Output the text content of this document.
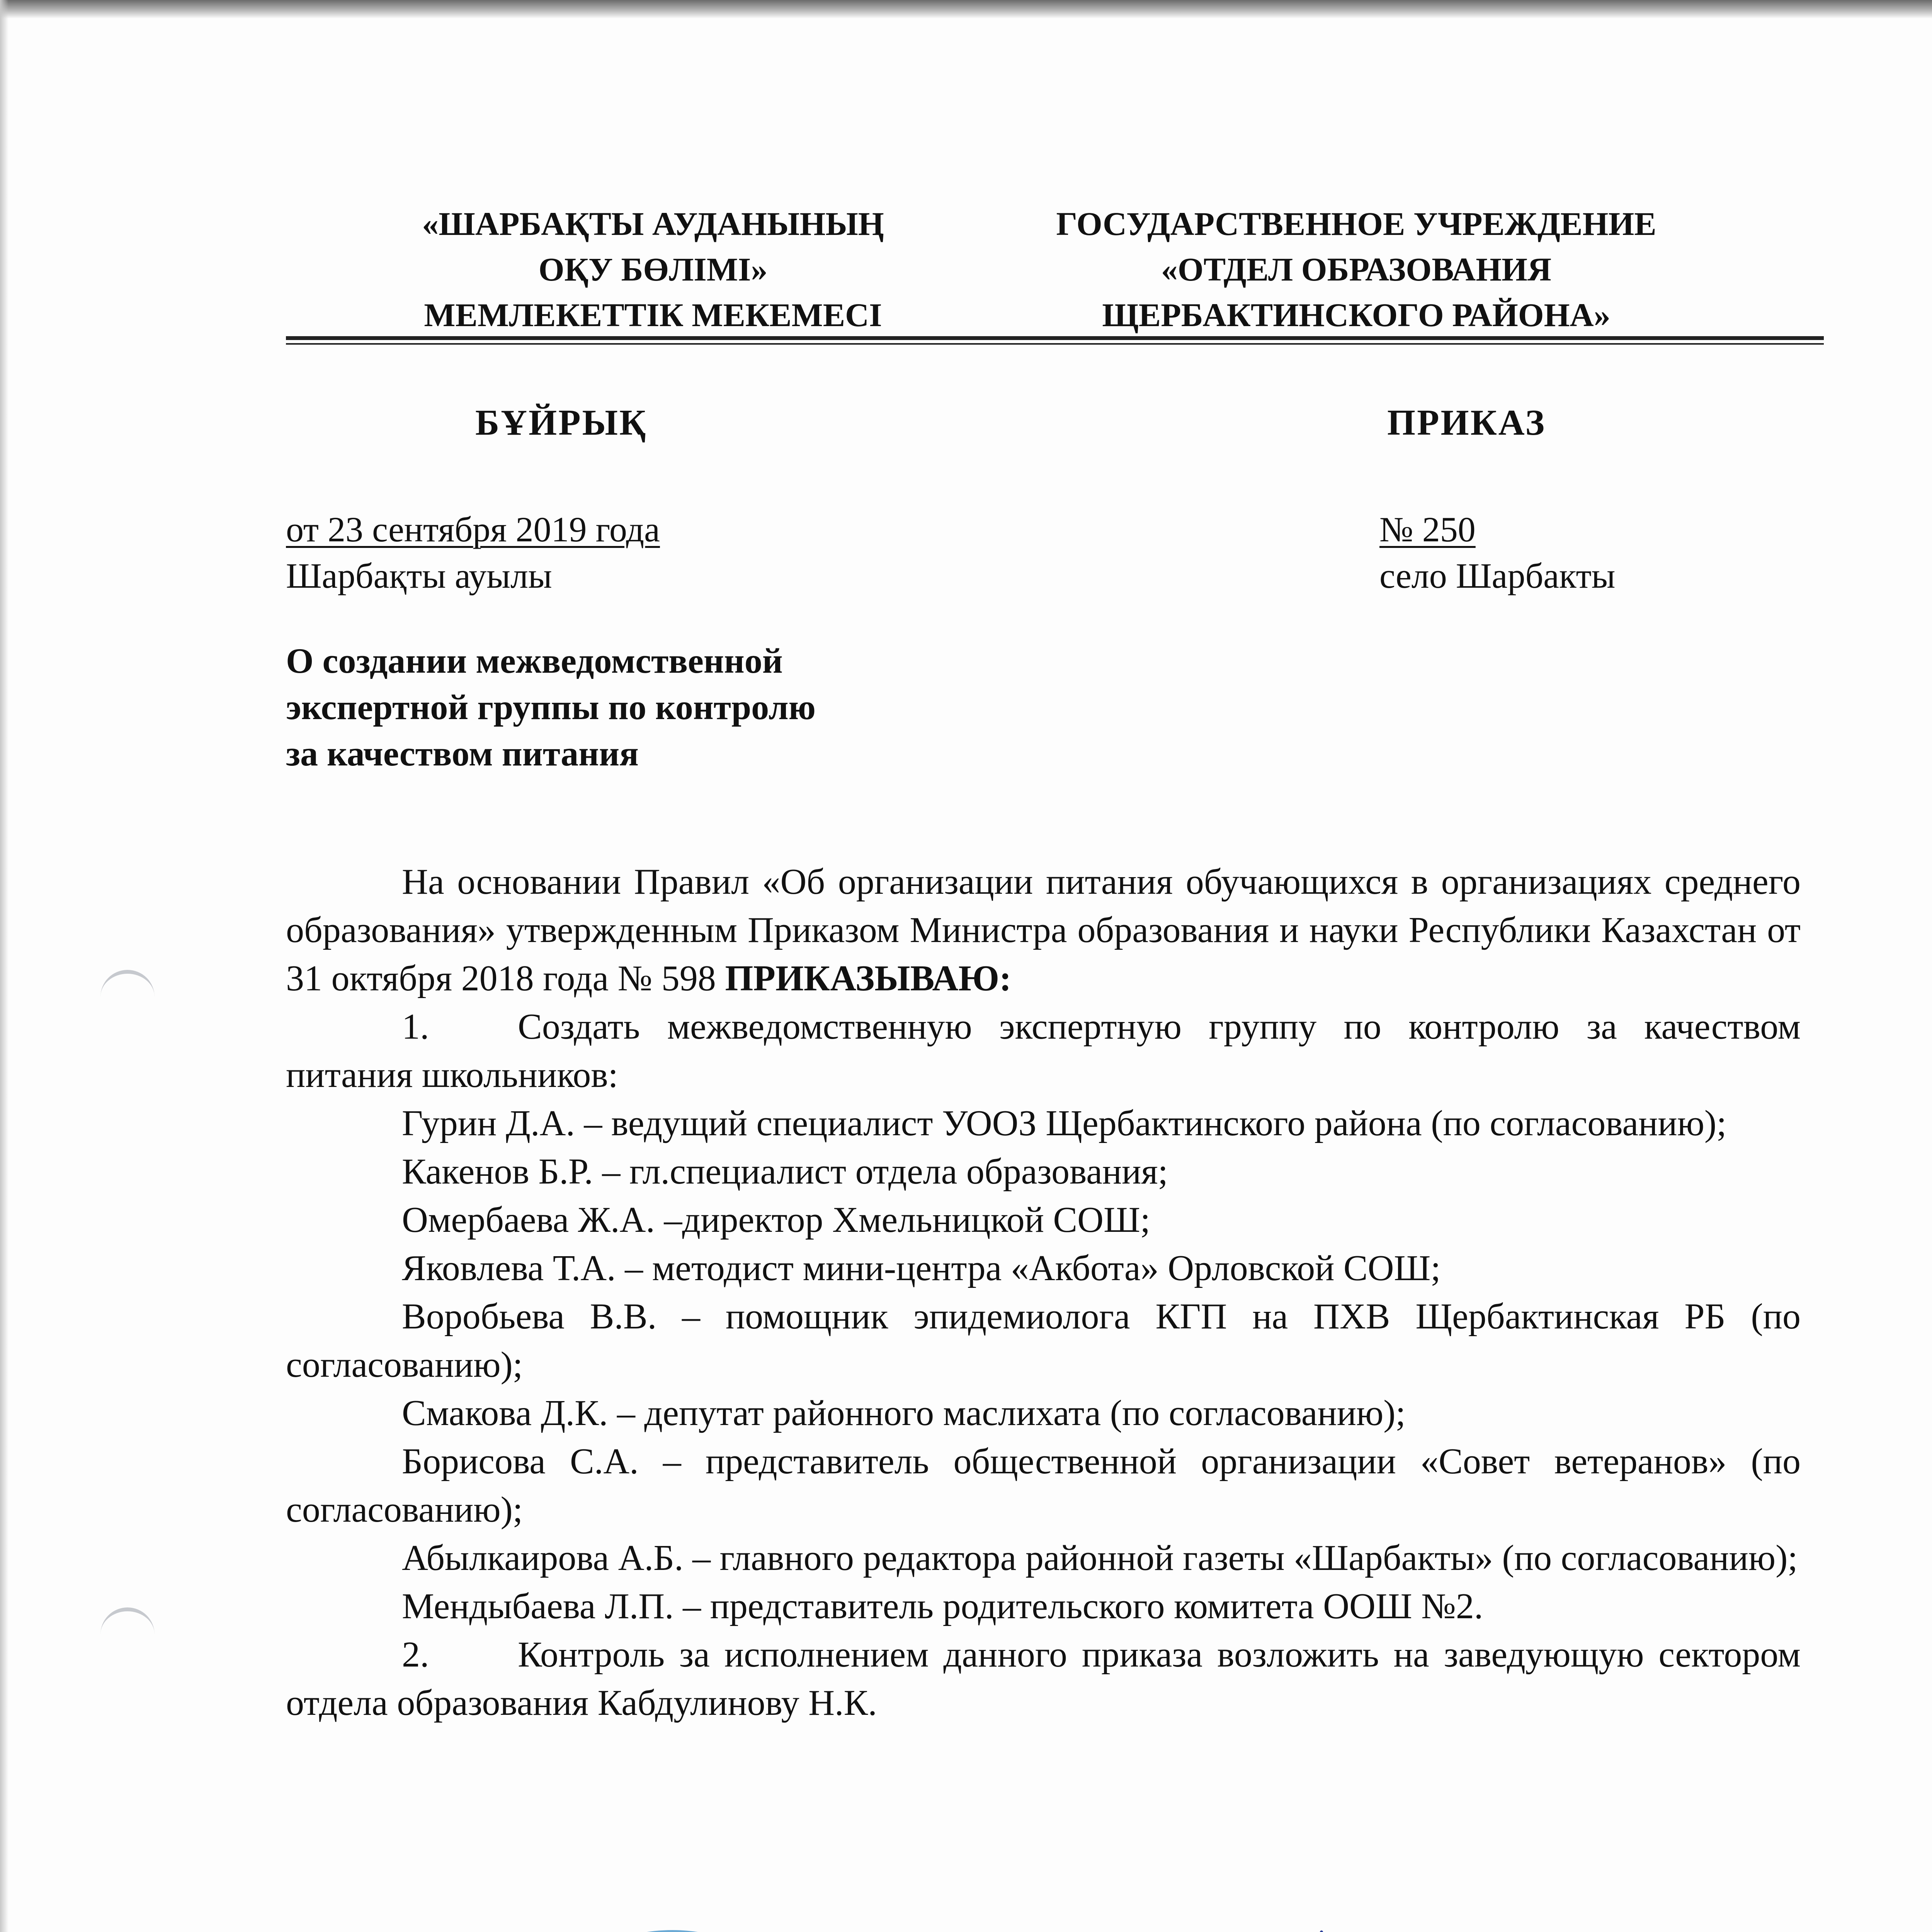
«ШАРБАҚТЫ АУДАНЫНЫҢ
ОҚУ БӨЛІМІ»
МЕМЛЕКЕТТІК МЕКЕМЕСІ
ГОСУДАРСТВЕННОЕ УЧРЕЖДЕНИЕ
«ОТДЕЛ ОБРАЗОВАНИЯ
ЩЕРБАКТИНСКОГО РАЙОНА»
БҰЙРЫҚ	ПРИКАЗ
от 23 сентября 2019 года
Шарбақты ауылы
№ 250
село Шарбакты
О создании межведомственной
экспертной группы по контролю
за качеством питания

На основании Правил «Об организации питания обучающихся в организациях среднего образования» утвержденным Приказом Министра образования и науки Республики Казахстан от 31 октября 2018 года № 598 ПРИКАЗЫВАЮ:

1. Создать межведомственную экспертную группу по контролю за качеством питания школьников:

Гурин Д.А. – ведущий специалист УООЗ Щербактинского района (по согласованию);

Какенов Б.Р. – гл.специалист отдела образования;

Омербаева Ж.А. –директор Хмельницкой СОШ;

Яковлева Т.А. – методист мини-центра «Акбота» Орловской СОШ;

Воробьева В.В. – помощник эпидемиолога КГП на ПХВ Щербактинская РБ (по согласованию);

Смакова Д.К. – депутат районного маслихата (по согласованию);

Борисова С.А. – представитель общественной организации «Совет ветеранов» (по согласованию);

Абылкаирова А.Б. – главного редактора районной газеты «Шарбакты» (по согласованию);

Мендыбаева Л.П. – представитель родительского комитета ООШ №2.

2. Контроль за исполнением данного приказа возложить на заведующую сектором отдела образования Кабдулинову Н.К.
